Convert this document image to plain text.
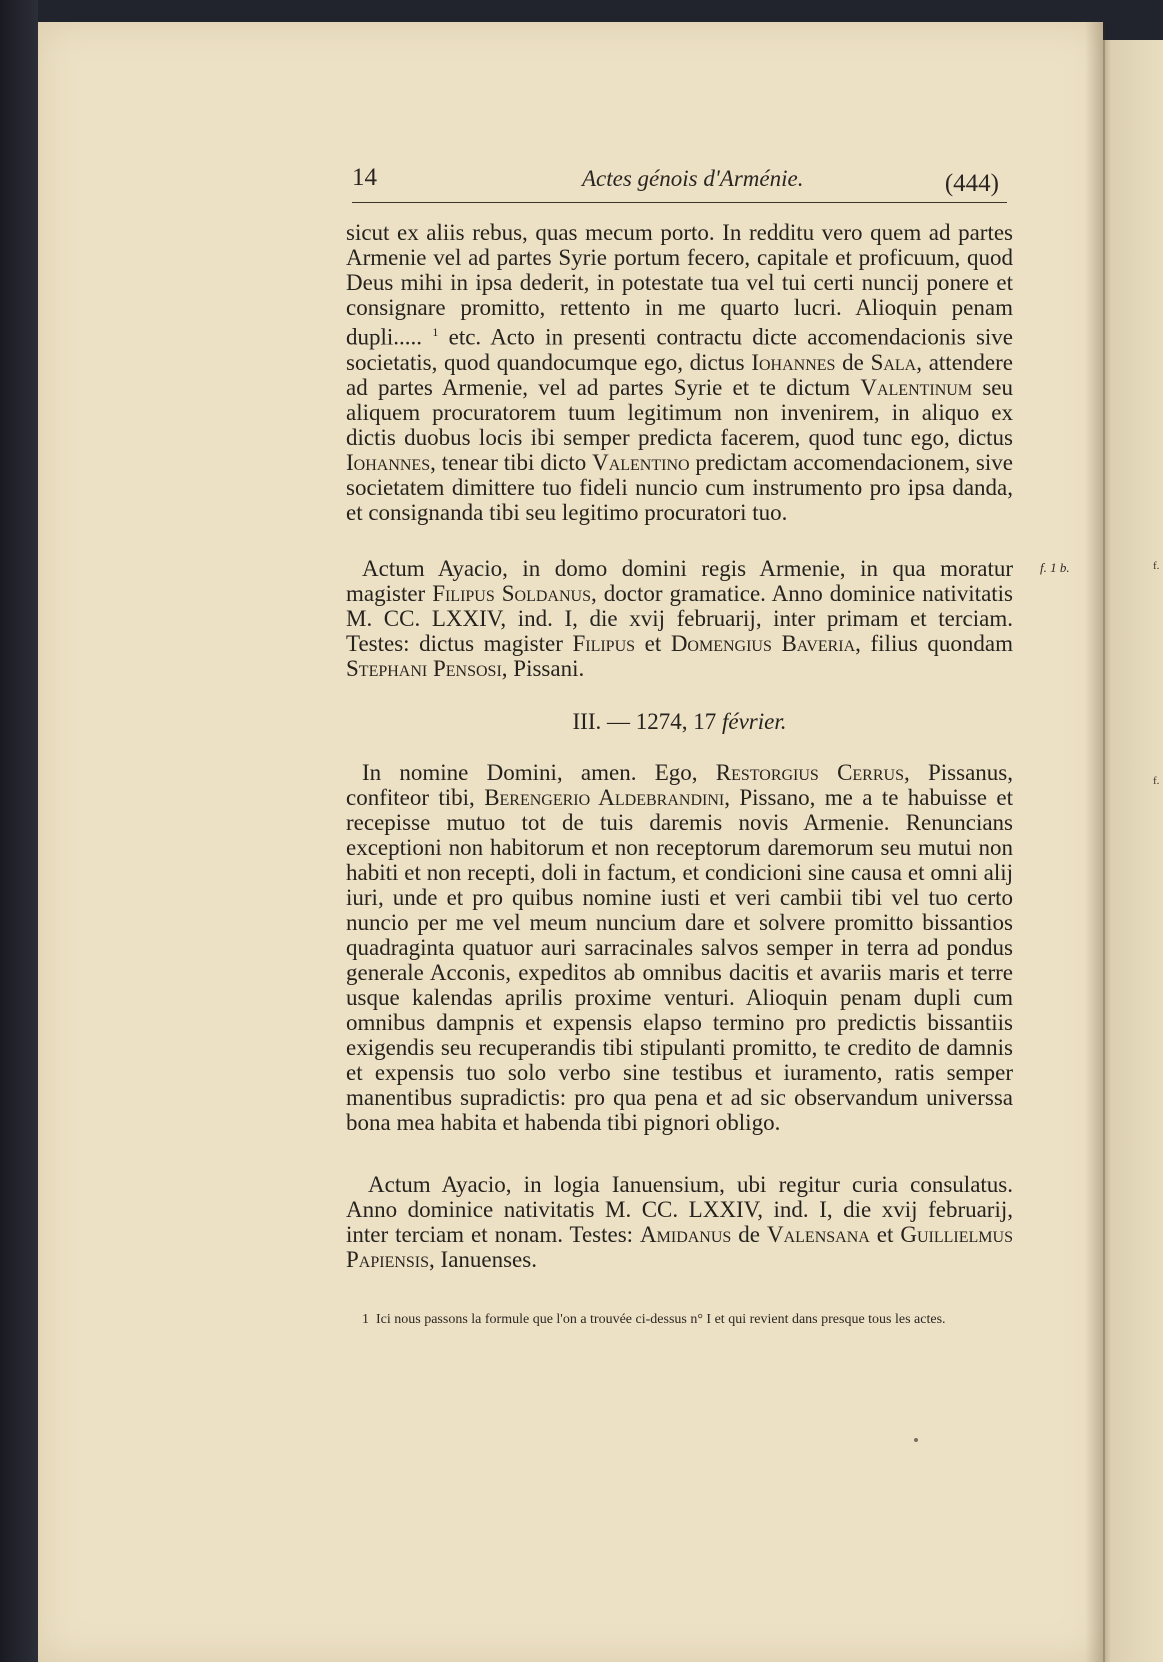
f.
f.
14	Actes génois d'Arménie.	(444)
sicut ex aliis rebus, quas mecum porto. In redditu vero quem ad partes Armenie vel ad partes Syrie portum fecero, capitale et proficuum, quod Deus mihi in ipsa dederit, in potestate tua vel tui certi nuncij ponere et consignare promitto, rettento in me quarto lucri. Alioquin penam dupli..... $^1$ etc. Acto in presenti contractu dicte accomendacionis sive societatis, quod quandocumque ego, dictus Iohannes de Sala, attendere ad partes Armenie, vel ad partes Syrie et te dictum Valentinum seu aliquem procuratorem tuum legitimum non invenirem, in aliquo ex dictis duobus locis ibi semper predicta facerem, quod tunc ego, dictus Iohannes, tenear tibi dicto Valentino predictam accomendacionem, sive societatem dimittere tuo fideli nuncio cum instrumento pro ipsa danda, et consignanda tibi seu legitimo procuratori tuo.
Actum Ayacio, in domo domini regis Armenie, in qua moratur magister Filipus Soldanus, doctor gramatice. Anno dominice nativitatis M. CC. LXXIV, ind. I, die xvij februarij, inter primam et terciam. Testes: dictus magister Filipus et Domengius Baveria, filius quondam Stephani Pensosi, Pissani.
f. 1 b.
III. — 1274, 17 février.
In nomine Domini, amen. Ego, Restorgius Cerrus, Pissanus, confiteor tibi, Berengerio Aldebrandini, Pissano, me a te habuisse et recepisse mutuo tot de tuis daremis novis Armenie. Renuncians exceptioni non habitorum et non receptorum daremorum seu mutui non habiti et non recepti, doli in factum, et condicioni sine causa et omni alij iuri, unde et pro quibus nomine iusti et veri cambii tibi vel tuo certo nuncio per me vel meum nuncium dare et solvere promitto bissantios quadraginta quatuor auri sarracinales salvos semper in terra ad pondus generale Acconis, expeditos ab omnibus dacitis et avariis maris et terre usque kalendas aprilis proxime venturi. Alioquin penam dupli cum omnibus dampnis et expensis elapso termino pro predictis bissantiis exigendis seu recuperandis tibi stipulanti promitto, te credito de damnis et expensis tuo solo verbo sine testibus et iuramento, ratis semper manentibus supradictis: pro qua pena et ad sic observandum universsa bona mea habita et habenda tibi pignori obligo.
Actum Ayacio, in logia Ianuensium, ubi regitur curia consulatus. Anno dominice nativitatis M. CC. LXXIV, ind. I, die xvij februarij, inter terciam et nonam. Testes: Amidanus de Valensana et Guillielmus Papiensis, Ianuenses.
1 Ici nous passons la formule que l'on a trouvée ci-dessus n° I et qui revient dans presque tous les actes.
